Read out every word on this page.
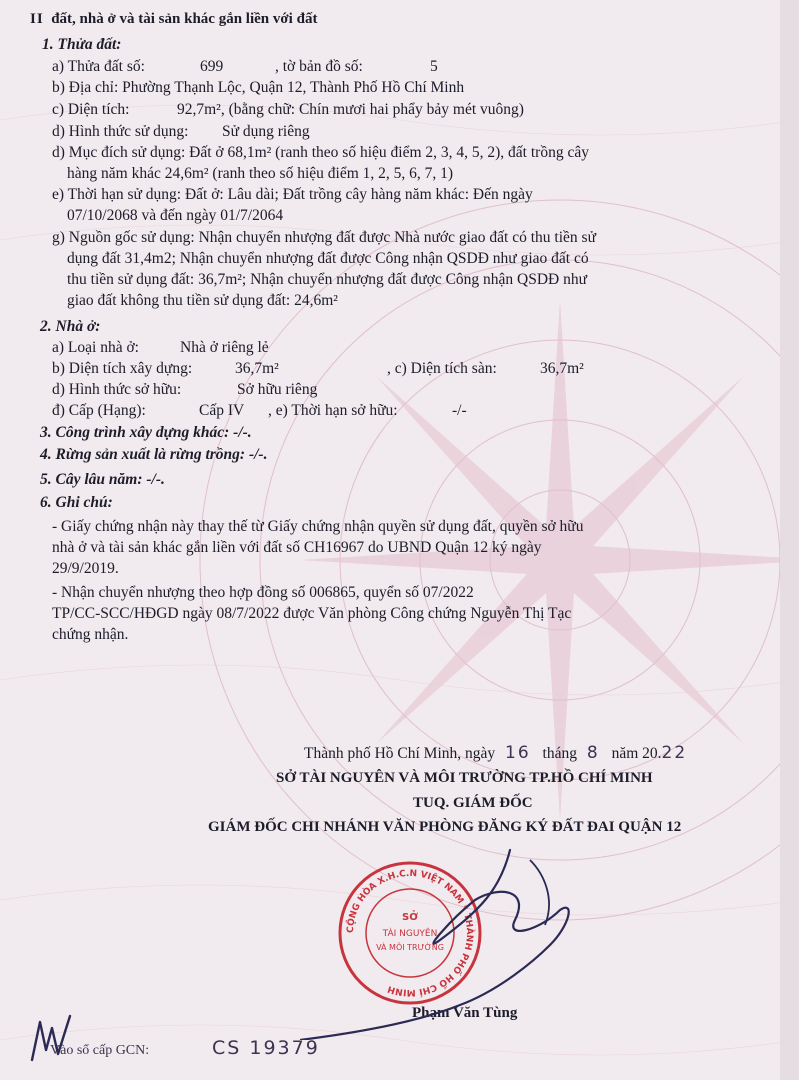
II đất, nhà ở và tài sản khác gắn liền với đất
1. Thửa đất:
a) Thửa đất số:	699	, tờ bản đồ số:	5
b) Địa chỉ: Phường Thạnh Lộc, Quận 12, Thành Phố Hồ Chí Minh
c) Diện tích:	92,7m², (bằng chữ: Chín mươi hai phẩy bảy mét vuông)
d) Hình thức sử dụng: Sử dụng riêng
d) Mục đích sử dụng: Đất ở 68,1m² (ranh theo số hiệu điểm 2, 3, 4, 5, 2), đất trồng cây
hàng năm khác 24,6m² (ranh theo số hiệu điểm 1, 2, 5, 6, 7, 1)
e) Thời hạn sử dụng: Đất ở: Lâu dài; Đất trồng cây hàng năm khác: Đến ngày
07/10/2068 và đến ngày 01/7/2064
g) Nguồn gốc sử dụng: Nhận chuyển nhượng đất được Nhà nước giao đất có thu tiền sử
dụng đất 31,4m2; Nhận chuyển nhượng đất được Công nhận QSDĐ như giao đất có
thu tiền sử dụng đất: 36,7m²; Nhận chuyển nhượng đất được Công nhận QSDĐ như
giao đất không thu tiền sử dụng đất: 24,6m²
2. Nhà ở:
a) Loại nhà ở:	Nhà ở riêng lẻ
b) Diện tích xây dựng:	36,7m²	, c) Diện tích sàn:	36,7m²
d) Hình thức sở hữu:	Sở hữu riêng
đ) Cấp (Hạng):	Cấp IV , e) Thời hạn sở hữu:	-/-
3. Công trình xây dựng khác: -/-.
4. Rừng sản xuất là rừng trồng: -/-.
5. Cây lâu năm: -/-.
6. Ghi chú:
- Giấy chứng nhận này thay thế từ Giấy chứng nhận quyền sử dụng đất, quyền sở hữu
nhà ở và tài sản khác gắn liền với đất số CH16967 do UBND Quận 12 ký ngày
29/9/2019.
- Nhận chuyển nhượng theo hợp đồng số 006865, quyển số 07/2022
TP/CC-SCC/HĐGD ngày 08/7/2022 được Văn phòng Công chứng Nguyễn Thị Tạc
chứng nhận.
Thành phố Hồ Chí Minh, ngày 16 tháng 8 năm 20.22
SỞ TÀI NGUYÊN VÀ MÔI TRƯỜNG TP.HỒ CHÍ MINH
TUQ. GIÁM ĐỐC
GIÁM ĐỐC CHI NHÁNH VĂN PHÒNG ĐĂNG KÝ ĐẤT ĐAI QUẬN 12
Phạm Văn Tùng
Vào sổ cấp GCN:	CS 19379
CỘNG HÒA X.H.C.N VIỆT NAM * THÀNH PHỐ HỒ CHÍ MINH
SỞ
TÀI NGUYÊN
VÀ MÔI TRƯỜNG
